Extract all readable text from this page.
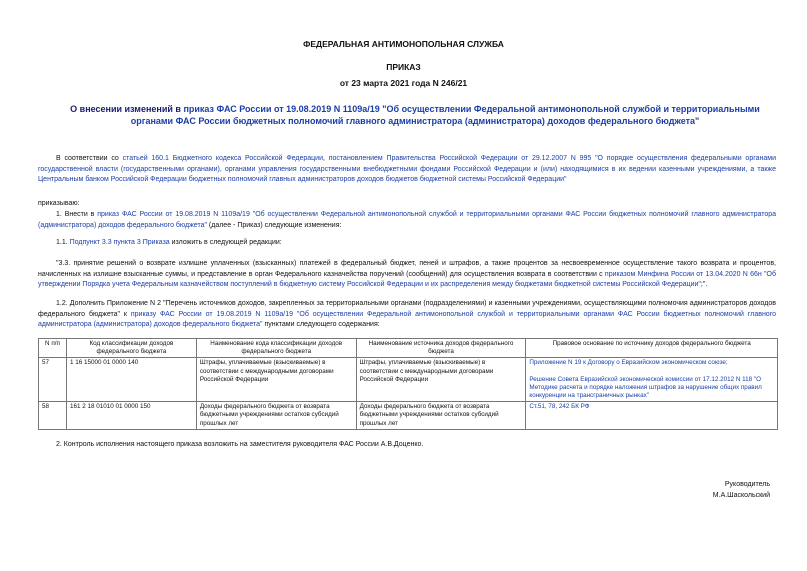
ФЕДЕРАЛЬНАЯ АНТИМОНОПОЛЬНАЯ СЛУЖБА
ПРИКАЗ
от 23 марта 2021 года N 246/21
О внесении изменений в приказ ФАС России от 19.08.2019 N 1109а/19 "Об осуществлении Федеральной антимонопольной службой и территориальными органами ФАС России бюджетных полномочий главного администратора (администратора) доходов федерального бюджета"
В соответствии со статьей 160.1 Бюджетного кодекса Российской Федерации, постановлением Правительства Российской Федерации от 29.12.2007 N 995 "О порядке осуществления федеральными органами государственной власти (государственными органами), органами управления государственными внебюджетными фондами Российской Федерации и (или) находящимися в их ведении казенными учреждениями, а также Центральным банком Российской Федерации бюджетных полномочий главных администраторов доходов бюджетов бюджетной системы Российской Федерации"
приказываю:
1. Внести в приказ ФАС России от 19.08.2019 N 1109а/19 "Об осуществлении Федеральной антимонопольной службой и территориальными органами ФАС России бюджетных полномочий главного администратора (администратора) доходов федерального бюджета" (далее - Приказ) следующие изменения:
1.1. Подпункт 3.3 пункта 3 Приказа изложить в следующей редакции:
"3.3. принятие решений о возврате излишне уплаченных (взысканных) платежей в федеральный бюджет, пеней и штрафов, а также процентов за несвоевременное осуществление такого возврата и процентов, начисленных на излишне взысканные суммы, и представление в орган Федерального казначейства поручений (сообщений) для осуществления возврата в соответствии с приказом Минфина России от 13.04.2020 N 66н "Об утверждении Порядка учета Федеральным казначейством поступлений в бюджетную систему Российской Федерации и их распределения между бюджетами бюджетной системы Российской Федерации";".
1.2. Дополнить Приложение N 2 "Перечень источников доходов, закрепленных за территориальными органами (подразделениями) и казенными учреждениями, осуществляющими полномочия администраторов доходов федерального бюджета" к приказу ФАС России от 19.08.2019 N 1109а/19 "Об осуществлении Федеральной антимонопольной службой и территориальными органами ФАС России бюджетных полномочий главного администратора (администратора) доходов федерального бюджета" пунктами следующего содержания:
N п/п	Код классификации доходов федерального бюджета	Наименование кода классификации доходов федерального бюджета	Наименование источника доходов федерального бюджета	Правовое основание по источнику доходов федерального бюджета
57	1 16 15000 01 0000 140	Штрафы, уплачиваемые (взыскиваемые) в соответствии с международными договорами Российской Федерации	Штрафы, уплачиваемые (взыскиваемые) в соответствии с международными договорами Российской Федерации	Приложение N 19 к Договору о Евразийском экономическом союзе;
Решение Совета Евразийской экономической комиссии от 17.12.2012 N 118 "О Методике расчета и порядке наложения штрафов за нарушение общих правил конкуренции на трансграничных рынках"

58	161 2 18 01010 01 0000 150	Доходы федерального бюджета от возврата бюджетными учреждениями остатков субсидий прошлых лет	Доходы федерального бюджета от возврата бюджетными учреждениями остатков субсидий прошлых лет	Ст.51, 78, 242 БК РФ
2. Контроль исполнения настоящего приказа возложить на заместителя руководителя ФАС России А.В.Доценко.
Руководитель
М.А.Шаскольский
